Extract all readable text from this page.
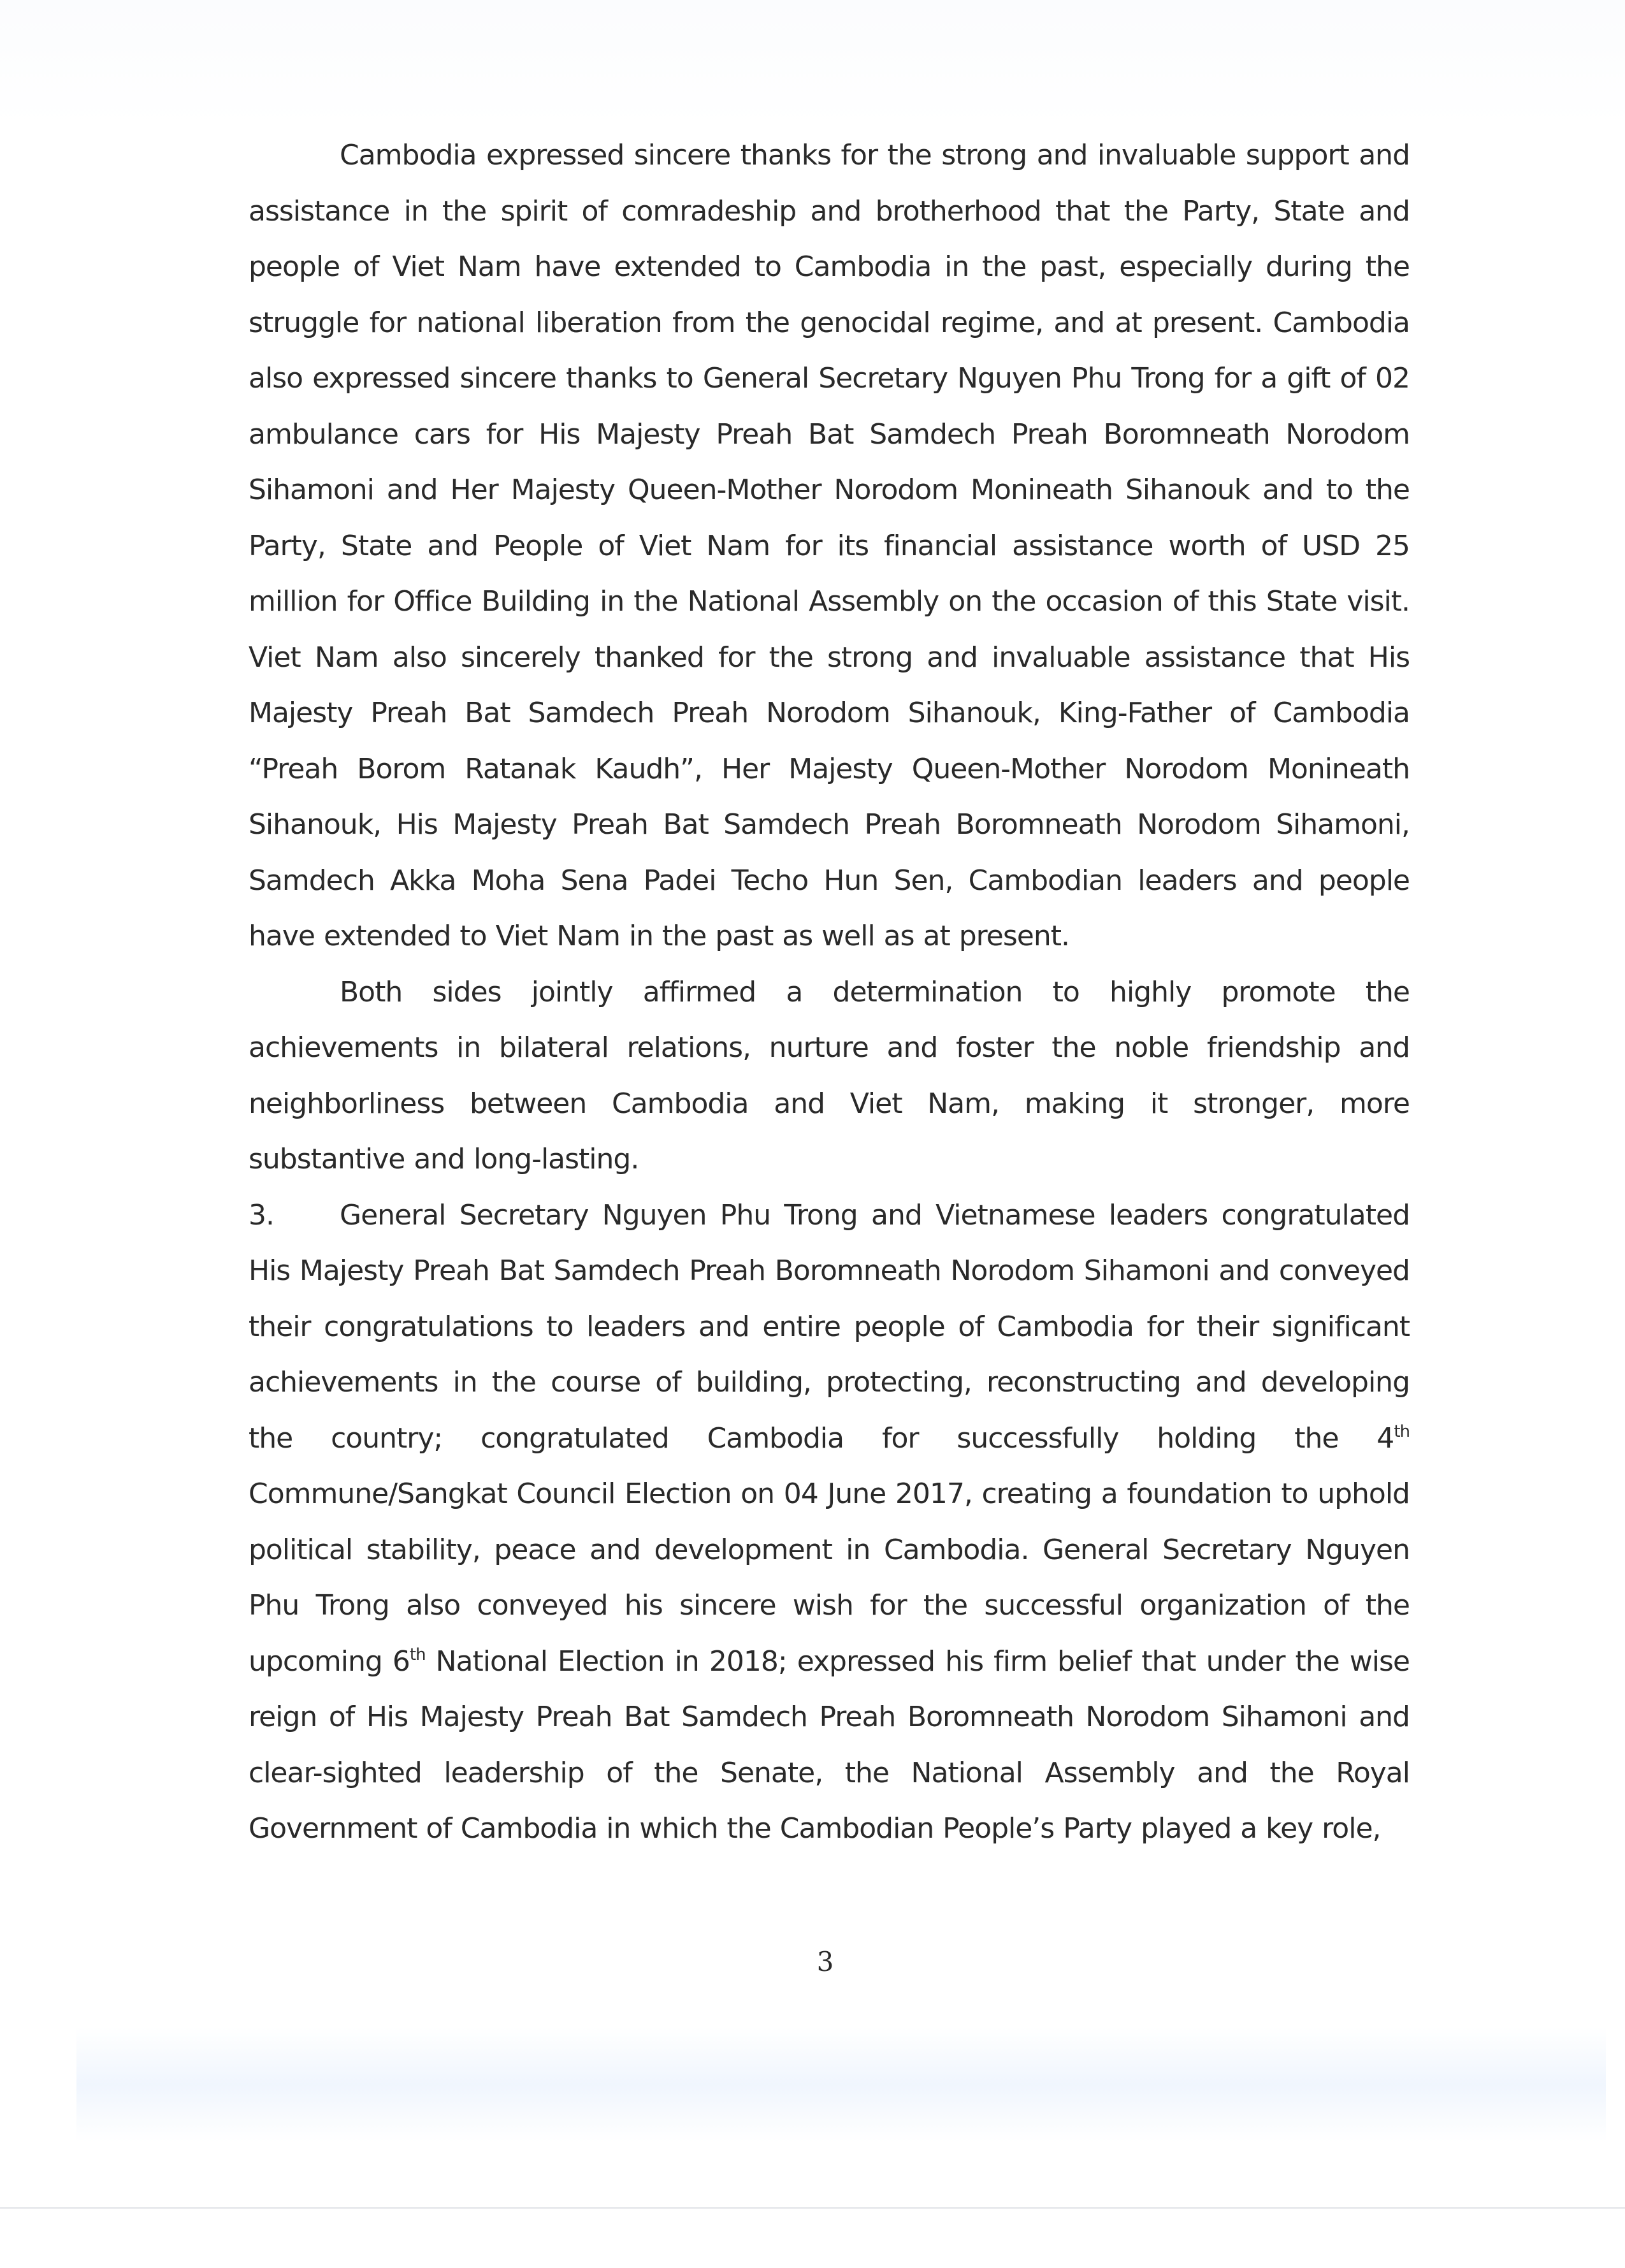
Cambodia expressed sincere thanks for the strong and invaluable support and assistance in the spirit of comradeship and brotherhood that the Party, State and people of Viet Nam have extended to Cambodia in the past, especially during the struggle for national liberation from the genocidal regime, and at present. Cambodia also expressed sincere thanks to General Secretary Nguyen Phu Trong for a gift of 02 ambulance cars for His Majesty Preah Bat Samdech Preah Boromneath Norodom Sihamoni and Her Majesty Queen-Mother Norodom Monineath Sihanouk and to the Party, State and People of Viet Nam for its financial assistance worth of USD 25 million for Office Building in the National Assembly on the occasion of this State visit. Viet Nam also sincerely thanked for the strong and invaluable assistance that His Majesty Preah Bat Samdech Preah Norodom Sihanouk, King-Father of Cambodia “Preah Borom Ratanak Kaudh”, Her Majesty Queen-Mother Norodom Monineath Sihanouk, His Majesty Preah Bat Samdech Preah Boromneath Norodom Sihamoni, Samdech Akka Moha Sena Padei Techo Hun Sen, Cambodian leaders and people have extended to Viet Nam in the past as well as at present.

Both sides jointly affirmed a determination to highly promote the achievements in bilateral relations, nurture and foster the noble friendship and neighborliness between Cambodia and Viet Nam, making it stronger, more substantive and long-lasting.

3. General Secretary Nguyen Phu Trong and Vietnamese leaders congratulated His Majesty Preah Bat Samdech Preah Boromneath Norodom Sihamoni and conveyed their congratulations to leaders and entire people of Cambodia for their significant achievements in the course of building, protecting, reconstructing and developing the country; congratulated Cambodia for successfully holding the 4th Commune/Sangkat Council Election on 04 June 2017, creating a foundation to uphold political stability, peace and development in Cambodia. General Secretary Nguyen Phu Trong also conveyed his sincere wish for the successful organization of the upcoming 6th National Election in 2018; expressed his firm belief that under the wise reign of His Majesty Preah Bat Samdech Preah Boromneath Norodom Sihamoni and clear-sighted leadership of the Senate, the National Assembly and the Royal Government of Cambodia in which the Cambodian People’s Party played a key role,

3
